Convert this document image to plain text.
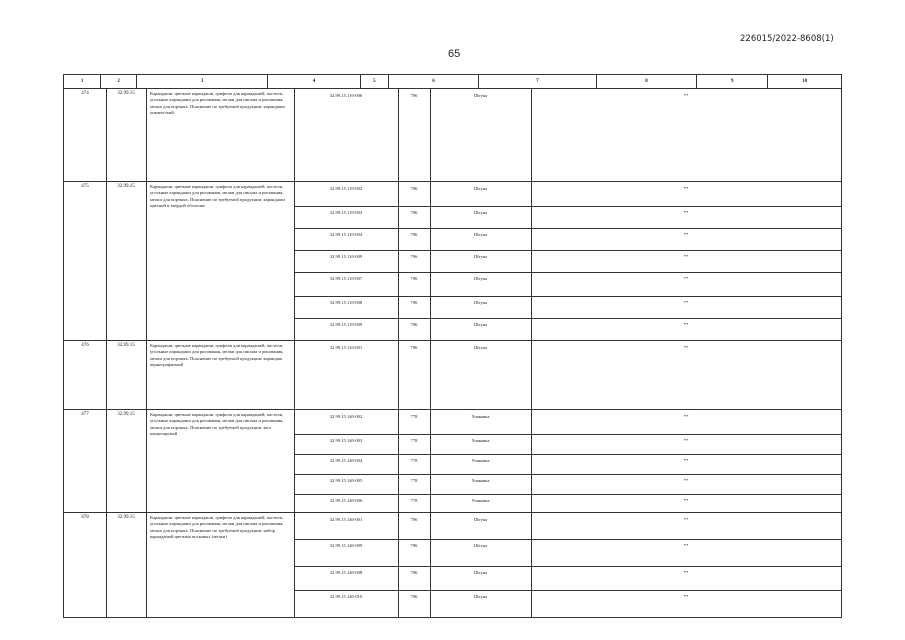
226015/2022-8608(1)
65
1	2	3	4	5	6	7	8	9	10
474	32.99.15	Карандаши, цветные карандаши, грифели для карандашей, пастели, угольные карандаши для рисования, мелки для письма и рисования, мелки для портных. Пояснение по требуемой продукции: карандаши химический
32.99.15.110-006	796	Штука	**
475	32.99.15	Карандаши, цветные карандаши, грифели для карандашей, пастели, угольные карандаши для рисования, мелки для письма и рисования, мелки для портных. Пояснение по требуемой продукции: карандаши цветной в твердой оболочке
32.99.15.110-002	796	Штука	**
32.99.15.110-003	796	Штука	**
32.99.15.110-004	796	Штука	**
32.99.15.110-009	796	Штука	**
32.99.15.110-007	796	Штука	**
32.99.15.110-008	796	Штука	**
32.99.15.110-009	796	Штука	**
476	32.99.15	Карандаши, цветные карандаши, грифели для карандашей, пастели, угольные карандаши для рисования, мелки для письма и рисования, мелки для портных. Пояснение по требуемой продукции: карандаш чернографитный
32.99.15.110-001	796	Штука	**
477	32.99.15	Карандаши, цветные карандаши, грифели для карандашей, пастели, угольные карандаши для рисования, мелки для письма и рисования, мелки для портных. Пояснение по требуемой продукции: мел канцелярский
32.99.15.140-002	778	Упаковка	**
32.99.15.140-003	778	Упаковка	**
32.99.15.140-004	778	Упаковка	**
32.99.15.140-005	778	Упаковка	**
32.99.15.140-006	778	Упаковка	**
478	32.99.15	Карандаши, цветные карандаши, грифели для карандашей, пастели, угольные карандаши для рисования, мелки для письма и рисования, мелки для портных. Пояснение по требуемой продукции: набор карандашей цветных восковых (мелки)
32.99.15.140-001	796	Штука	**
32.99.15.140-009	796	Штука	**
32.99.15.140-008	796	Штука	**
32.99.15.140-010	796	Штука	**
